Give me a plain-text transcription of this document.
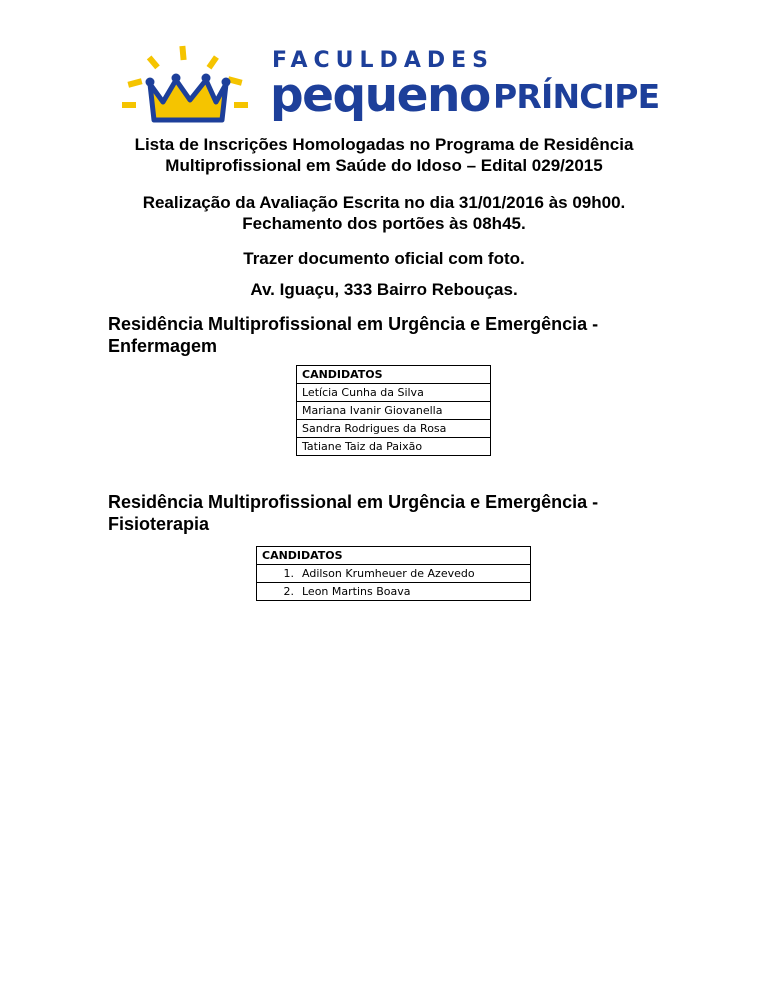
FACULDADES
pequeno PRÍNCIPE
Lista de Inscrições Homologadas no Programa de Residência Multiprofissional em Saúde do Idoso – Edital 029/2015
Realização da Avaliação Escrita no dia 31/01/2016 às 09h00.
Fechamento dos portões às 08h45.
Trazer documento oficial com foto.
Av. Iguaçu, 333 Bairro Rebouças.
Residência Multiprofissional em Urgência e Emergência - Enfermagem
CANDIDATOS
Letícia Cunha da Silva
Mariana Ivanir Giovanella
Sandra Rodrigues da Rosa
Tatiane Taiz da Paixão
Residência Multiprofissional em Urgência e Emergência - Fisioterapia
CANDIDATOS
1. Adilson Krumheuer de Azevedo
2. Leon Martins Boava
